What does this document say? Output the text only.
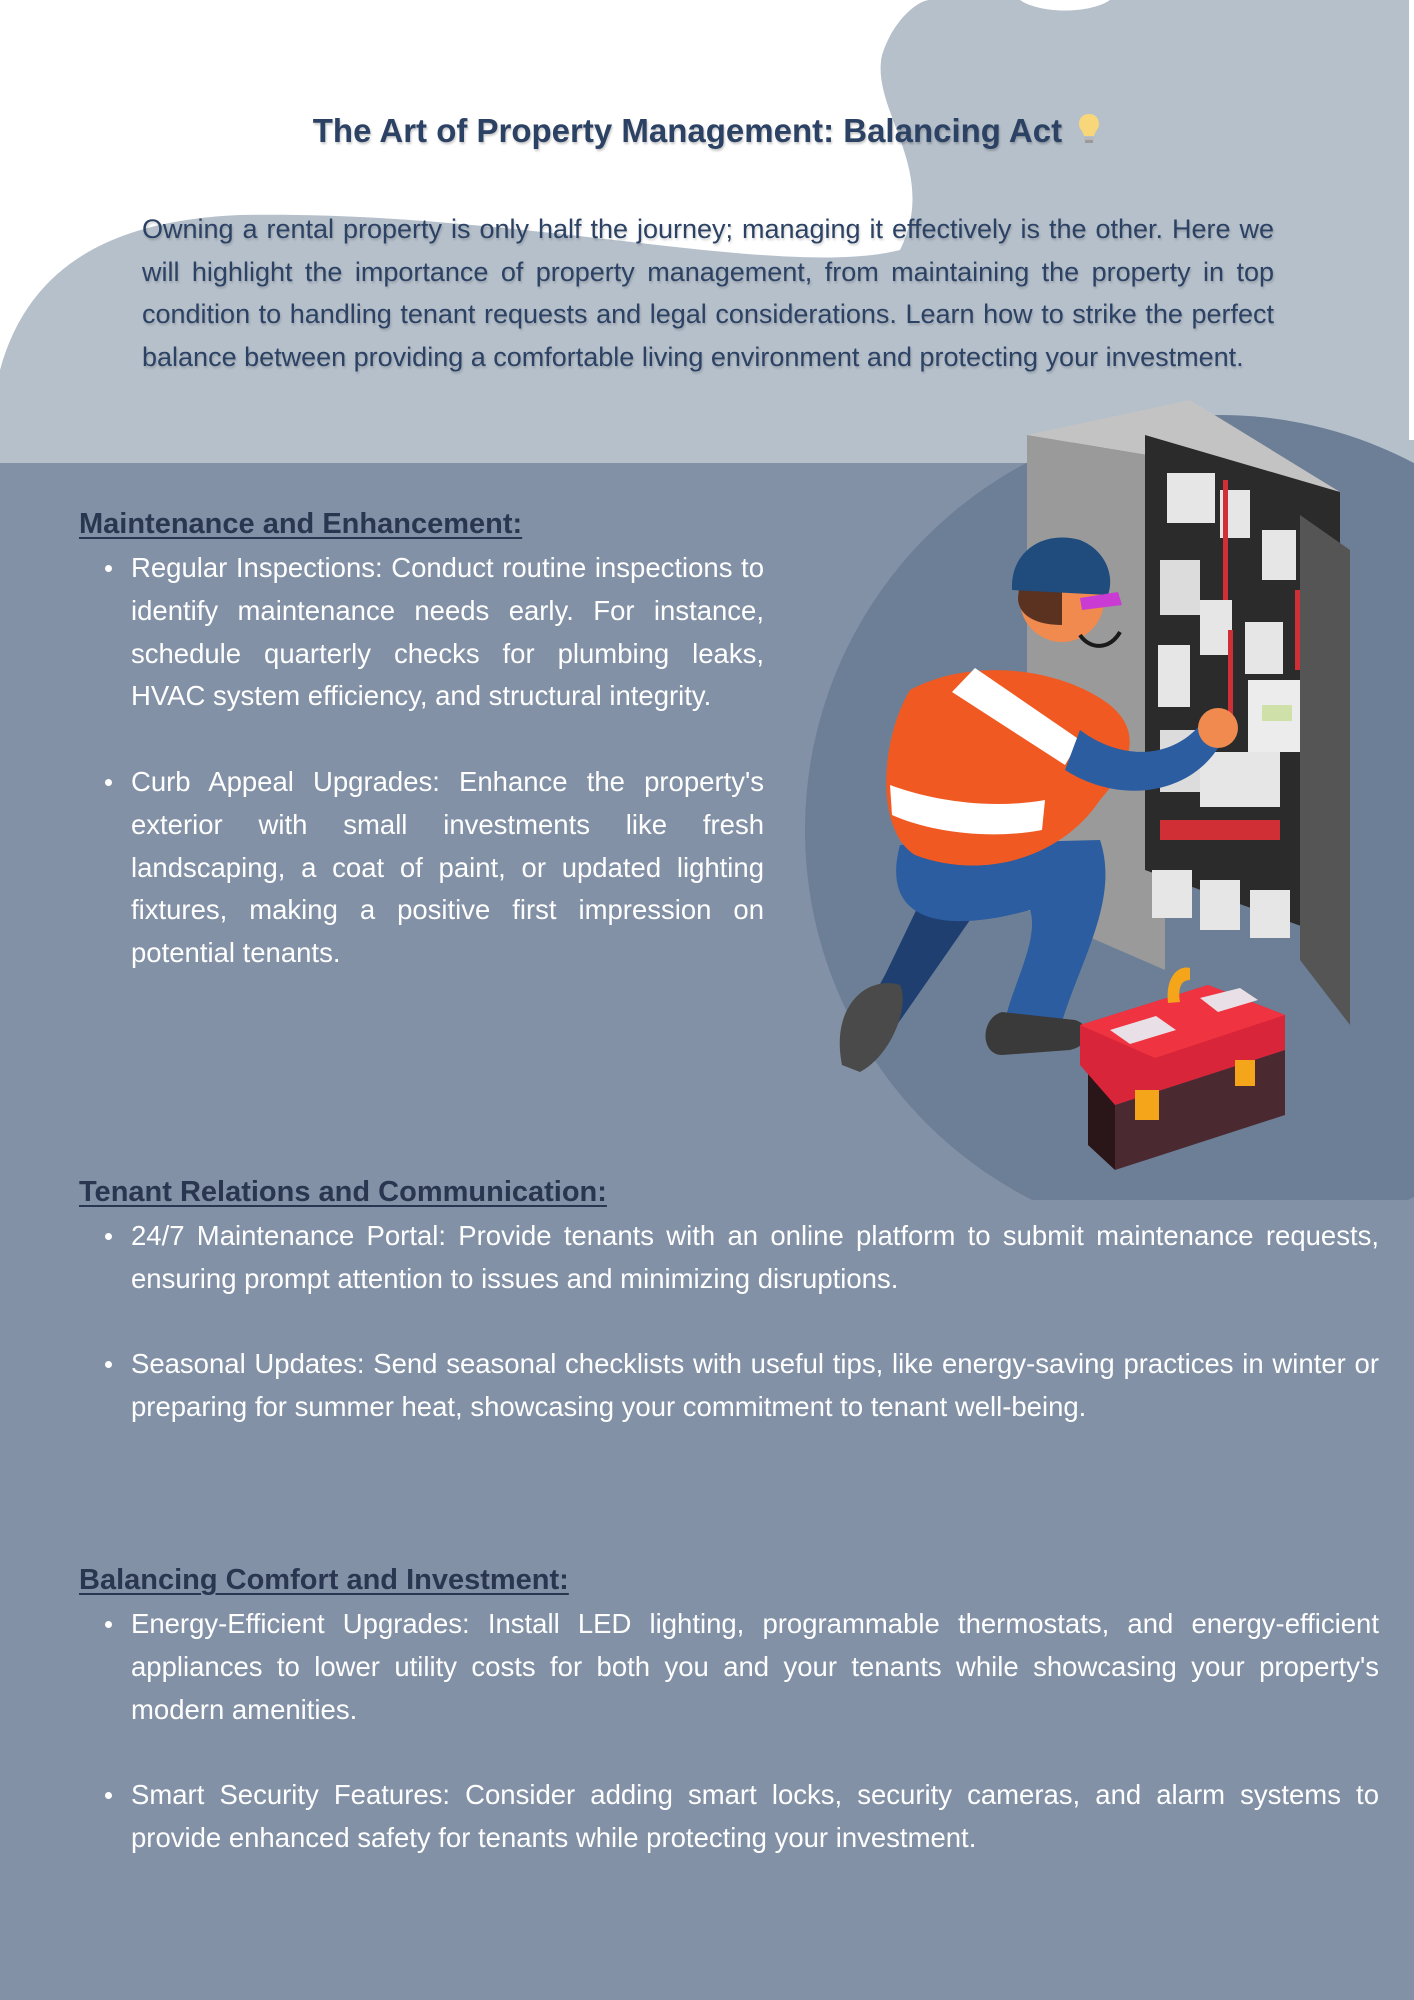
The Art of Property Management: Balancing Act

Owning a rental property is only half the journey; managing it effectively is the other. Here we will highlight the importance of property management, from maintaining the property in top condition to handling tenant requests and legal considerations. Learn how to strike the perfect balance between providing a comfortable living environment and protecting your investment.

Maintenance and Enhancement:
Regular Inspections: Conduct routine inspections to identify maintenance needs early. For instance, schedule quarterly checks for plumbing leaks, HVAC system efficiency, and structural integrity.
Curb Appeal Upgrades: Enhance the property's exterior with small investments like fresh landscaping, a coat of paint, or updated lighting fixtures, making a positive first impression on potential tenants.
Tenant Relations and Communication:
24/7 Maintenance Portal: Provide tenants with an online platform to submit maintenance requests, ensuring prompt attention to issues and minimizing disruptions.
Seasonal Updates: Send seasonal checklists with useful tips, like energy-saving practices in winter or preparing for summer heat, showcasing your commitment to tenant well-being.
Balancing Comfort and Investment:
Energy-Efficient Upgrades: Install LED lighting, programmable thermostats, and energy-efficient appliances to lower utility costs for both you and your tenants while showcasing your property's modern amenities.
Smart Security Features: Consider adding smart locks, security cameras, and alarm systems to provide enhanced safety for tenants while protecting your investment.
